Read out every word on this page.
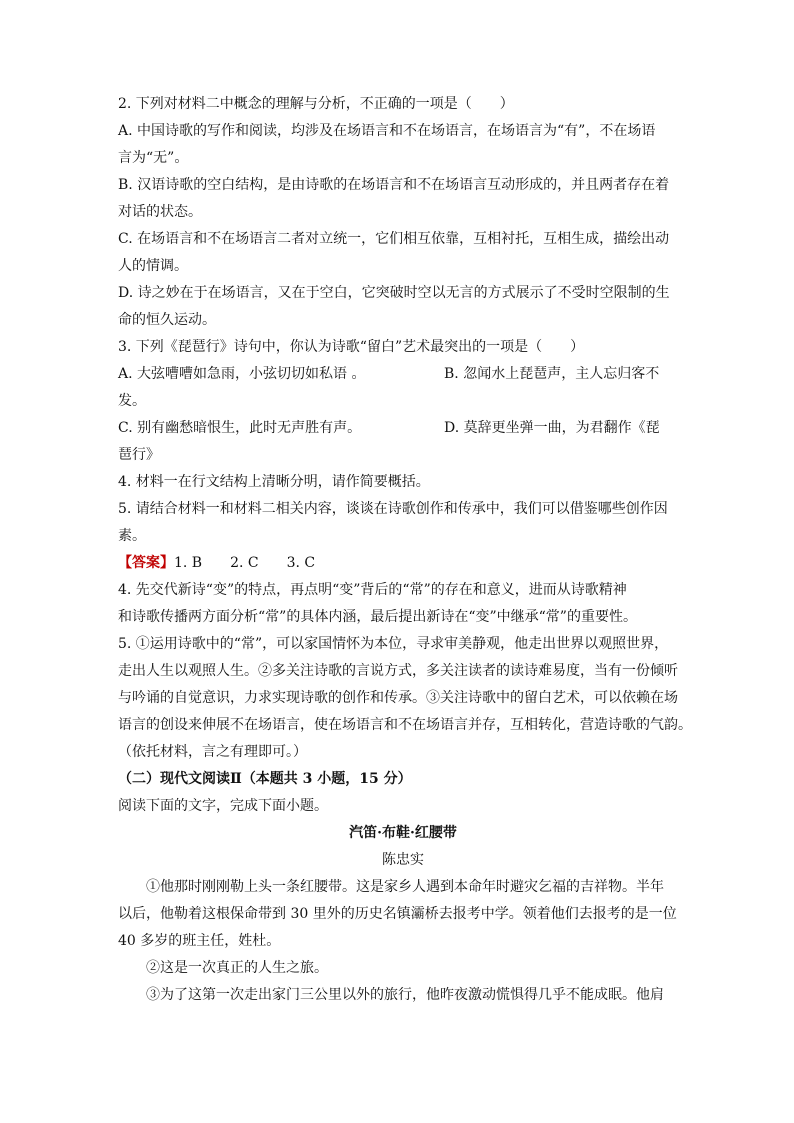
2. 下列对材料二中概念的理解与分析，不正确的一项是（　　）
A. 中国诗歌的写作和阅读，均涉及在场语言和不在场语言，在场语言为“有”，不在场语
言为“无”。
B. 汉语诗歌的空白结构，是由诗歌的在场语言和不在场语言互动形成的，并且两者存在着
对话的状态。
C. 在场语言和不在场语言二者对立统一，它们相互依靠，互相衬托，互相生成，描绘出动
人的情调。
D. 诗之妙在于在场语言，又在于空白，它突破时空以无言的方式展示了不受时空限制的生
命的恒久运动。
3. 下列《琵琶行》诗句中，你认为诗歌“留白”艺术最突出的一项是（　　）
A. 大弦嘈嘈如急雨，小弦切切如私语 。	B. 忽闻水上琵琶声，主人忘归客不
发。
C. 别有幽愁暗恨生，此时无声胜有声。	D. 莫辞更坐弹一曲，为君翻作《琵
琶行》
4. 材料一在行文结构上清晰分明，请作简要概括。
5. 请结合材料一和材料二相关内容，谈谈在诗歌创作和传承中，我们可以借鉴哪些创作因
素。
【答案】1. B　　2. C　　3. C
4. 先交代新诗“变”的特点，再点明“变”背后的“常”的存在和意义，进而从诗歌精神
和诗歌传播两方面分析“常”的具体内涵，最后提出新诗在“变”中继承“常”的重要性。
5. ①运用诗歌中的“常”，可以家国情怀为本位，寻求审美静观，他走出世界以观照世界，
走出人生以观照人生。②多关注诗歌的言说方式，多关注读者的读诗难易度，当有一份倾听
与吟诵的自觉意识，力求实现诗歌的创作和传承。③关注诗歌中的留白艺术，可以依赖在场
语言的创设来伸展不在场语言，使在场语言和不在场语言并存，互相转化，营造诗歌的气韵。
（依托材料，言之有理即可。）
（二）现代文阅读Ⅱ（本题共 3 小题，15 分）
阅读下面的文字，完成下面小题。
汽笛·布鞋·红腰带
陈忠实
①他那时刚刚勒上头一条红腰带。这是家乡人遇到本命年时避灾乞福的吉祥物。半年
以后，他勒着这根保命带到 30 里外的历史名镇灞桥去报考中学。领着他们去报考的是一位
40 多岁的班主任，姓杜。
②这是一次真正的人生之旅。
③为了这第一次走出家门三公里以外的旅行，他昨夜激动慌惧得几乎不能成眠。他肩
